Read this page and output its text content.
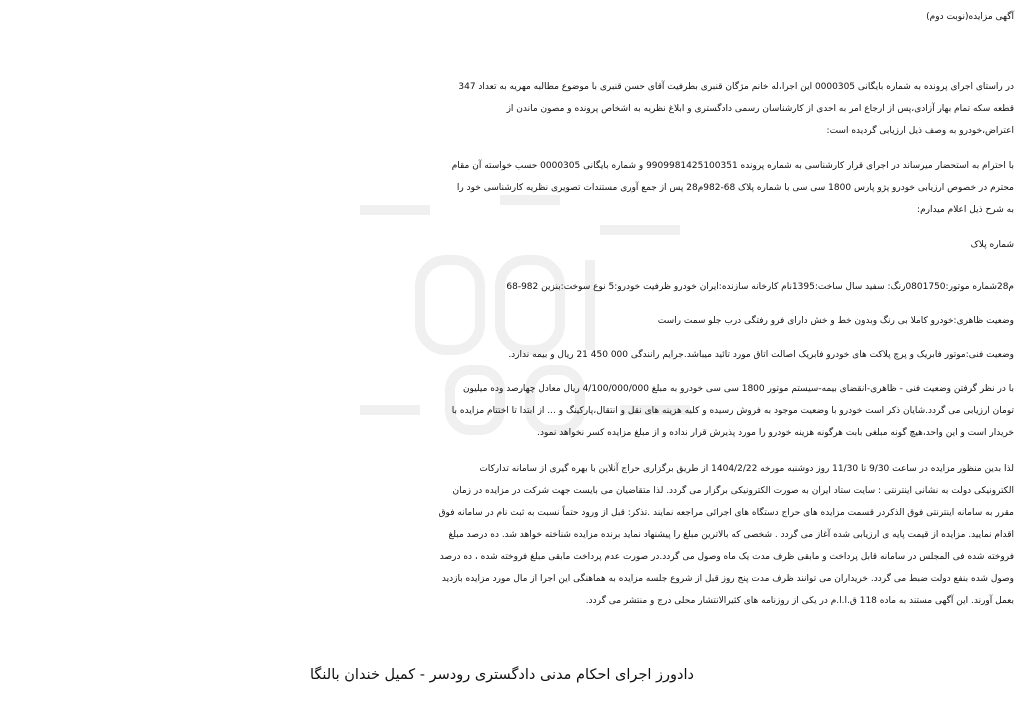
آگهی مزایده(نوبت دوم)
در راستای اجرای پرونده به شماره بایگانی 0000305 این اجرا،له خانم مژگان قنبری بطرفیت آقای حسن قنبری با موضوع مطالبه مهریه به تعداد 347
قطعه سکه تمام بهار آزادی،پس از ارجاع امر به احدی از کارشناسان رسمی دادگستری و ابلاغ نظریه به اشخاص پرونده و مصون ماندن از
اعتراض،خودرو به وصف ذیل ارزیابی گردیده است:
با احترام به استحضار میرساند در اجرای قرار کارشناسی به شماره پرونده 9909981425100351 و شماره بایگانی 0000305 حسب خواسته آن مقام
محترم در خصوص ارزیابی خودرو پژو پارس 1800 سی سی با شماره پلاک 68-982م28 پس از جمع آوری مستندات تصویری نظریه کارشناسی خود را
به شرح ذیل اعلام میدارم:
شماره پلاک
م28شماره موتور:0801750رنگ: سفید سال ساخت:1395نام کارخانه سازنده:ایران خودرو ظرفیت خودرو:5 نوع سوخت:بنزین 982-68
وضعیت ظاهری:خودرو کاملا بی رنگ وبدون خط و خش دارای فرو رفتگی درب جلو سمت راست
وضعیت فنی:موتور فابریک و پرچ پلاکت های خودرو فابریک اصالت اتاق مورد تائید میباشد.جرایم رانندگی 000 450 21 ریال و بیمه ندارد.
با در نظر گرفتن وضعیت فنی - ظاهری-انقضای بیمه-سیستم موتور 1800 سی سی خودرو به مبلغ 4/100/000/000 ریال معادل چهارصد وده میلیون
تومان ارزیابی می گردد.شایان ذکر است خودرو با وضعیت موجود به فروش رسیده و کلیه هزینه های نقل و انتقال،پارکینگ و ... از ابتدا تا اختتام مزایده با
خریدار است و این واحد،هیچ گونه مبلغی بابت هرگونه هزینه خودرو را مورد پذیرش قرار نداده و از مبلغ مزایده کسر نخواهد نمود.
لذا بدین منظور مزایده در ساعت 9/30 تا 11/30 روز دوشنبه مورخه 1404/2/22 از طریق برگزاری حراج آنلاین با بهره گیری از سامانه تدارکات
الکترونیکی دولت به نشانی اینترنتی : سایت ستاد ایران به صورت الکترونیکی برگزار می گردد. لذا متقاضیان می بایست جهت شرکت در مزایده در زمان
مقرر به سامانه اینترنتی فوق الذکردر قسمت مزایده های حراج دستگاه های اجرائی مراجعه نمایند .تذکر: قبل از ورود حتماً نسبت به ثبت نام در سامانه فوق
اقدام نمایید. مزایده از قیمت پایه ی ارزیابی شده آغاز می گردد . شخصی که بالاترین مبلغ را پیشنهاد نماید برنده مزایده شناخته خواهد شد. ده درصد مبلغ
فروخته شده فی المجلس در سامانه قابل پرداخت و مابقی ظرف مدت یک ماه وصول می گردد.در صورت عدم پرداخت مابقی مبلغ فروخته شده ، ده درصد
وصول شده بنفع دولت ضبط می گردد. خریداران می توانند ظرف مدت پنج روز قبل از شروع جلسه مزایده به هماهنگی این اجرا از مال مورد مزایده بازدید
بعمل آورند. این آگهی مستند به ماده 118 ق.ا.ا.م در یکی از روزنامه های کثیرالانتشار محلی درج و منتشر می گردد.
دادورز اجرای احکام مدنی دادگستری رودسر - کمیل خندان بالنگا
